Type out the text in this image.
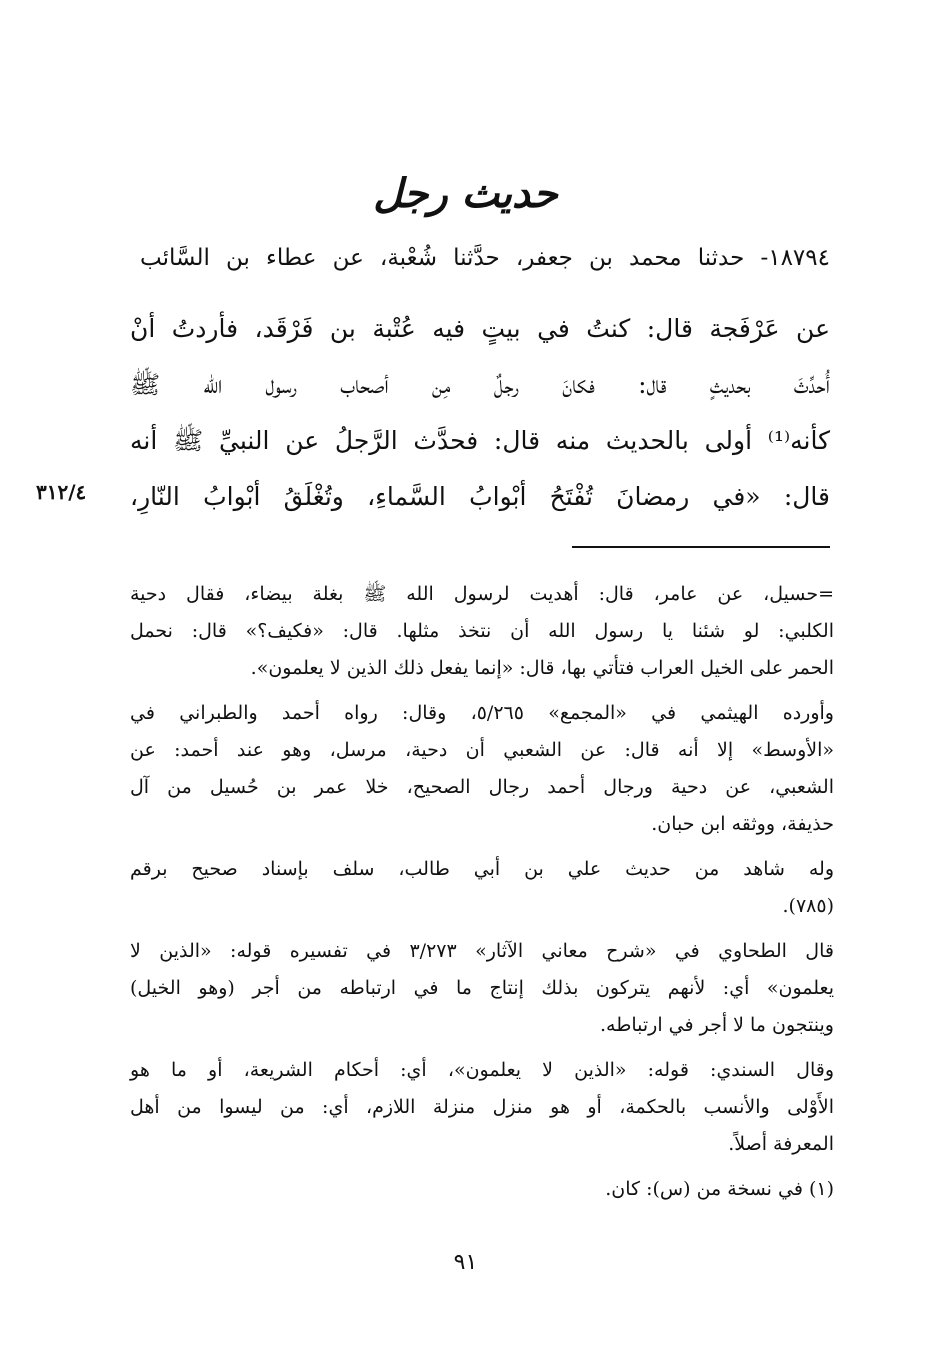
حديث رجل
١٨٧٩٤- حدثنا محمد بن جعفر، حدَّثنا شُعْبة، عن عطاء بن السَّائب
عن عَرْفَجة قال: كنتُ في بيتٍ فيه عُتْبة بن فَرْقَد، فأردتُ أنْ
أُحدِّثَ بحديثٍ قال: فكانَ رجلٌ مِن أصحاب رسول الله ﷺ
كأنه⁽¹⁾ أولى بالحديث منه قال: فحدَّث الرَّجلُ عن النبيِّ ﷺ أنه
قال: «في رمضانَ تُفْتَحُ أبْوابُ السَّماءِ، وتُغْلَقُ أبْوابُ النّارِ،
٣١٢/٤
=حسيل، عن عامر، قال: أهديت لرسول الله ﷺ بغلة بيضاء، فقال دحية
الكلبي: لو شئنا يا رسول الله أن نتخذ مثلها. قال: «فكيف؟» قال: نحمل
الحمر على الخيل العراب فتأتي بها، قال: «إنما يفعل ذلك الذين لا يعلمون».
وأورده الهيثمي في «المجمع» ٥/٢٦٥، وقال: رواه أحمد والطبراني في
«الأوسط» إلا أنه قال: عن الشعبي أن دحية، مرسل، وهو عند أحمد: عن
الشعبي، عن دحية ورجال أحمد رجال الصحيح، خلا عمر بن حُسيل من آل
حذيفة، ووثقه ابن حبان.
وله شاهد من حديث علي بن أبي طالب، سلف بإسناد صحيح برقم
(٧٨٥).
قال الطحاوي في «شرح معاني الآثار» ٣/٢٧٣ في تفسيره قوله: «الذين لا
يعلمون» أي: لأنهم يتركون بذلك إنتاج ما في ارتباطه من أجر (وهو الخيل)
وينتجون ما لا أجر في ارتباطه.
وقال السندي: قوله: «الذين لا يعلمون»، أي: أحكام الشريعة، أو ما هو
الأَوْلى والأنسب بالحكمة، أو هو منزل منزلة اللازم، أي: من ليسوا من أهل
المعرفة أصلاً.
(١) في نسخة من (س): كان.
٩١
